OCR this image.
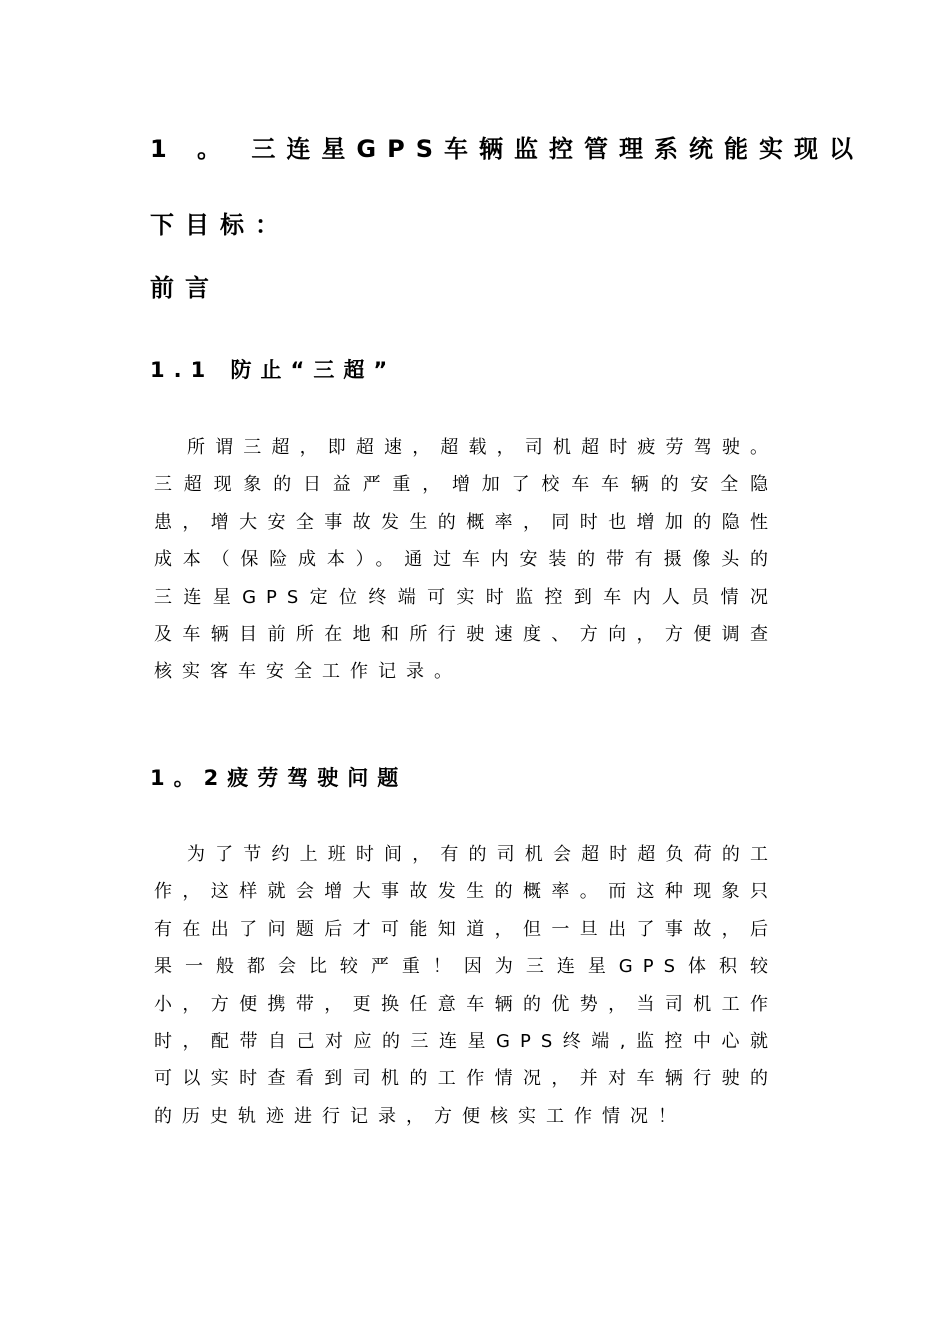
1 。 三连星GPS车辆监控管理系统能实现以
下目标：
前言
1.1 防止“三超”
所谓三超，即超速，超载，司机超时疲劳驾驶。三超现象的日益严重，增加了校车车辆的安全隐患，增大安全事故发生的概率，同时也增加的隐性成本（保险成本）。通过车内安装的带有摄像头的三连星GPS定位终端可实时监控到车内人员情况及车辆目前所在地和所行驶速度、方向，方便调查核实客车安全工作记录。
1。2疲劳驾驶问题
为了节约上班时间，有的司机会超时超负荷的工作，这样就会增大事故发生的概率。而这种现象只有在出了问题后才可能知道，但一旦出了事故，后果一般都会比较严重！因为三连星GPS体积较小，方便携带，更换任意车辆的优势，当司机工作时，配带自己对应的三连星GPS终端,监控中心就可以实时查看到司机的工作情况，并对车辆行驶的的历史轨迹进行记录，方便核实工作情况！
